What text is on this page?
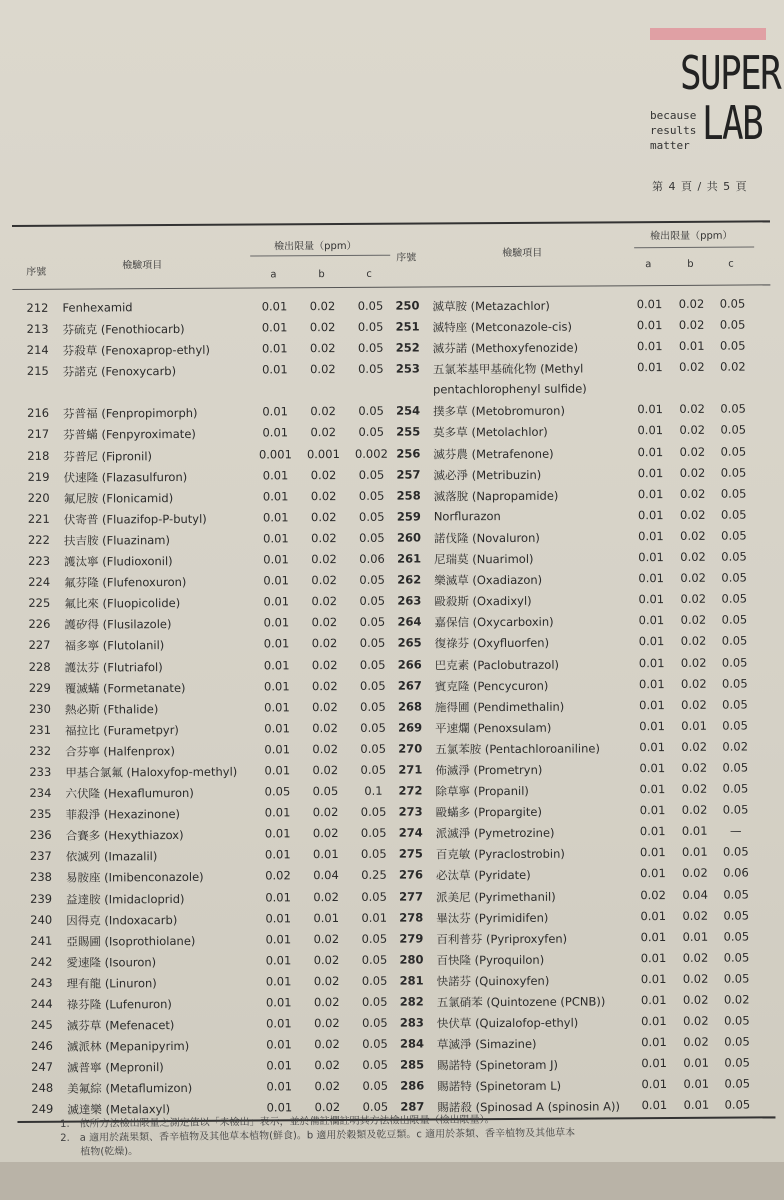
SUPER
LAB
because
results
matter
第 4 頁 / 共 5 頁
序號
檢驗項目
檢出限量（ppm）
a	b	c
序號	檢驗項目
檢出限量（ppm）
a	b	c
212	Fenhexamid	0.01	0.02	0.05	250	滅草胺 (Metazachlor)	0.01	0.02	0.05
213	芬硫克 (Fenothiocarb)	0.01	0.02	0.05	251	滅特座 (Metconazole-cis)	0.01	0.02	0.05
214	芬殺草 (Fenoxaprop-ethyl)	0.01	0.02	0.05	252	滅芬諾 (Methoxyfenozide)	0.01	0.01	0.05
215	芬諾克 (Fenoxycarb)	0.01	0.02	0.05	253	五氯苯基甲基硫化物 (Methyl	0.01	0.02	0.02
pentachlorophenyl sulfide)
216	芬普福 (Fenpropimorph)	0.01	0.02	0.05	254	撲多草 (Metobromuron)	0.01	0.02	0.05
217	芬普蟎 (Fenpyroximate)	0.01	0.02	0.05	255	莫多草 (Metolachlor)	0.01	0.02	0.05
218	芬普尼 (Fipronil)	0.001	0.001	0.002 256	滅芬農 (Metrafenone)	0.01	0.02	0.05
219	伏速隆 (Flazasulfuron)	0.01	0.02	0.05	257	滅必淨 (Metribuzin)	0.01	0.02	0.05
220	氟尼胺 (Flonicamid)	0.01	0.02	0.05	258	滅落脫 (Napropamide)	0.01	0.02	0.05
221	伏寄普 (Fluazifop-P-butyl)	0.01	0.02	0.05	259	Norflurazon	0.01	0.02	0.05
222	扶吉胺 (Fluazinam)	0.01	0.02	0.05	260	諾伐隆 (Novaluron)	0.01	0.02	0.05
223	護汰寧 (Fludioxonil)	0.01	0.02	0.06	261	尼瑞莫 (Nuarimol)	0.01	0.02	0.05
224	氟芬隆 (Flufenoxuron)	0.01	0.02	0.05	262	樂滅草 (Oxadiazon)	0.01	0.02	0.05
225	氟比來 (Fluopicolide)	0.01	0.02	0.05	263	毆殺斯 (Oxadixyl)	0.01	0.02	0.05
226	護矽得 (Flusilazole)	0.01	0.02	0.05	264	嘉保信 (Oxycarboxin)	0.01	0.02	0.05
227	福多寧 (Flutolanil)	0.01	0.02	0.05	265	復祿芬 (Oxyfluorfen)	0.01	0.02	0.05
228	護汰芬 (Flutriafol)	0.01	0.02	0.05	266	巴克素 (Paclobutrazol)	0.01	0.02	0.05
229	覆滅蟎 (Formetanate)	0.01	0.02	0.05	267	賓克隆 (Pencycuron)	0.01	0.02	0.05
230	熱必斯 (Fthalide)	0.01	0.02	0.05	268	施得圃 (Pendimethalin)	0.01	0.02	0.05
231	福拉比 (Furametpyr)	0.01	0.02	0.05	269	平速爛 (Penoxsulam)	0.01	0.01	0.05
232	合芬寧 (Halfenprox)	0.01	0.02	0.05	270	五氯苯胺 (Pentachloroaniline)	0.01	0.02	0.02
233	甲基合氯氟 (Haloxyfop-methyl)	0.01	0.02	0.05	271	佈滅淨 (Prometryn)	0.01	0.02	0.05
234	六伏隆 (Hexaflumuron)	0.05	0.05	0.1	272	除草寧 (Propanil)	0.01	0.02	0.05
235	菲殺淨 (Hexazinone)	0.01	0.02	0.05	273	毆蟎多 (Propargite)	0.01	0.02	0.05
236	合賽多 (Hexythiazox)	0.01	0.02	0.05	274	派滅淨 (Pymetrozine)	0.01	0.01	—
237	依滅列 (Imazalil)	0.01	0.01	0.05	275	百克敏 (Pyraclostrobin)	0.01	0.01	0.05
238	易胺座 (Imibenconazole)	0.02	0.04	0.25	276	必汰草 (Pyridate)	0.01	0.02	0.06
239	益達胺 (Imidacloprid)	0.01	0.02	0.05	277	派美尼 (Pyrimethanil)	0.02	0.04	0.05
240	因得克 (Indoxacarb)	0.01	0.01	0.01	278	畢汰芬 (Pyrimidifen)	0.01	0.02	0.05
241	亞賜圃 (Isoprothiolane)	0.01	0.02	0.05	279	百利普芬 (Pyriproxyfen)	0.01	0.01	0.05
242	愛速隆 (Isouron)	0.01	0.02	0.05	280	百快隆 (Pyroquilon)	0.01	0.02	0.05
243	理有龍 (Linuron)	0.01	0.02	0.05	281	快諾芬 (Quinoxyfen)	0.01	0.02	0.05
244	祿芬隆 (Lufenuron)	0.01	0.02	0.05	282	五氯硝苯 (Quintozene (PCNB))	0.01	0.02	0.02
245	滅芬草 (Mefenacet)	0.01	0.02	0.05	283	快伏草 (Quizalofop-ethyl)	0.01	0.02	0.05
246	滅派林 (Mepanipyrim)	0.01	0.02	0.05	284	草滅淨 (Simazine)	0.01	0.02	0.05
247	滅普寧 (Mepronil)	0.01	0.02	0.05	285	賜諾特 (Spinetoram J)	0.01	0.01	0.05
248	美氟綜 (Metaflumizon)	0.01	0.02	0.05	286	賜諾特 (Spinetoram L)	0.01	0.01	0.05
249	滅達樂 (Metalaxyl)	0.01	0.02	0.05	287	賜諾殺 (Spinosad A (spinosin A))	0.01	0.01	0.05
1.　依所方法檢出限量之測定值以「未檢出」表示，並於備註欄註明其方法檢出限量（檢出限量）。
2.　a 適用於蔬果類、香辛植物及其他草本植物(鮮食)。b 適用於穀類及乾豆類。c 適用於茶類、香辛植物及其他草本
　　植物(乾燥)。
